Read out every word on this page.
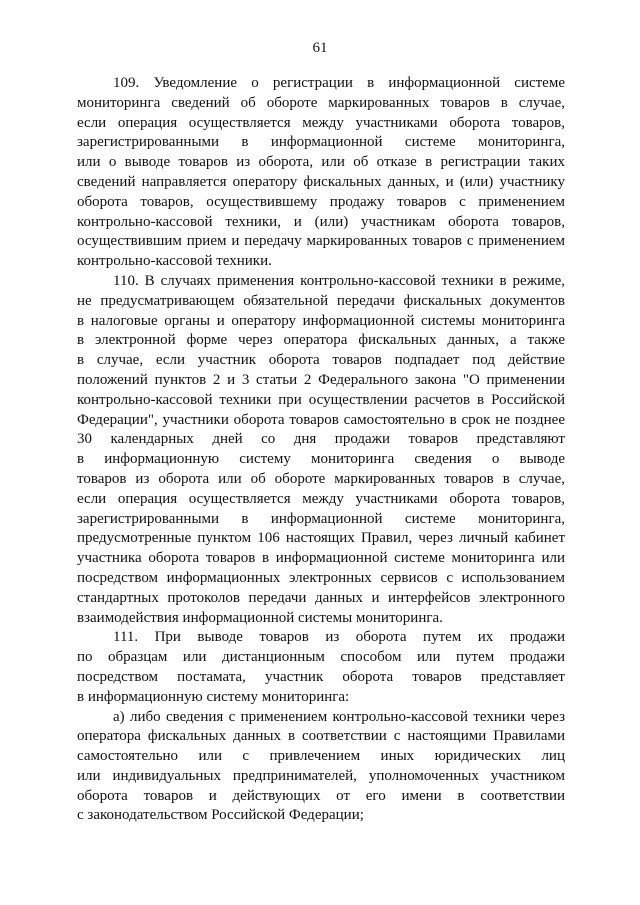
61
109. Уведомление о регистрации в информационной системе
мониторинга сведений об обороте маркированных товаров в случае,
если операция осуществляется между участниками оборота товаров,
зарегистрированными в информационной системе мониторинга,
или о выводе товаров из оборота, или об отказе в регистрации таких
сведений направляется оператору фискальных данных, и (или) участнику
оборота товаров, осуществившему продажу товаров с применением
контрольно-кассовой техники, и (или) участникам оборота товаров,
осуществившим прием и передачу маркированных товаров с применением
контрольно-кассовой техники.
110. В случаях применения контрольно-кассовой техники в режиме,
не предусматривающем обязательной передачи фискальных документов
в налоговые органы и оператору информационной системы мониторинга
в электронной форме через оператора фискальных данных, а также
в случае, если участник оборота товаров подпадает под действие
положений пунктов 2 и 3 статьи 2 Федерального закона "О применении
контрольно-кассовой техники при осуществлении расчетов в Российской
Федерации", участники оборота товаров самостоятельно в срок не позднее
30 календарных дней со дня продажи товаров представляют
в информационную систему мониторинга сведения о выводе
товаров из оборота или об обороте маркированных товаров в случае,
если операция осуществляется между участниками оборота товаров,
зарегистрированными в информационной системе мониторинга,
предусмотренные пунктом 106 настоящих Правил, через личный кабинет
участника оборота товаров в информационной системе мониторинга или
посредством информационных электронных сервисов с использованием
стандартных протоколов передачи данных и интерфейсов электронного
взаимодействия информационной системы мониторинга.
111. При выводе товаров из оборота путем их продажи
по образцам или дистанционным способом или путем продажи
посредством постамата, участник оборота товаров представляет
в информационную систему мониторинга:
а) либо сведения с применением контрольно-кассовой техники через
оператора фискальных данных в соответствии с настоящими Правилами
самостоятельно или с привлечением иных юридических лиц
или индивидуальных предпринимателей, уполномоченных участником
оборота товаров и действующих от его имени в соответствии
с законодательством Российской Федерации;
